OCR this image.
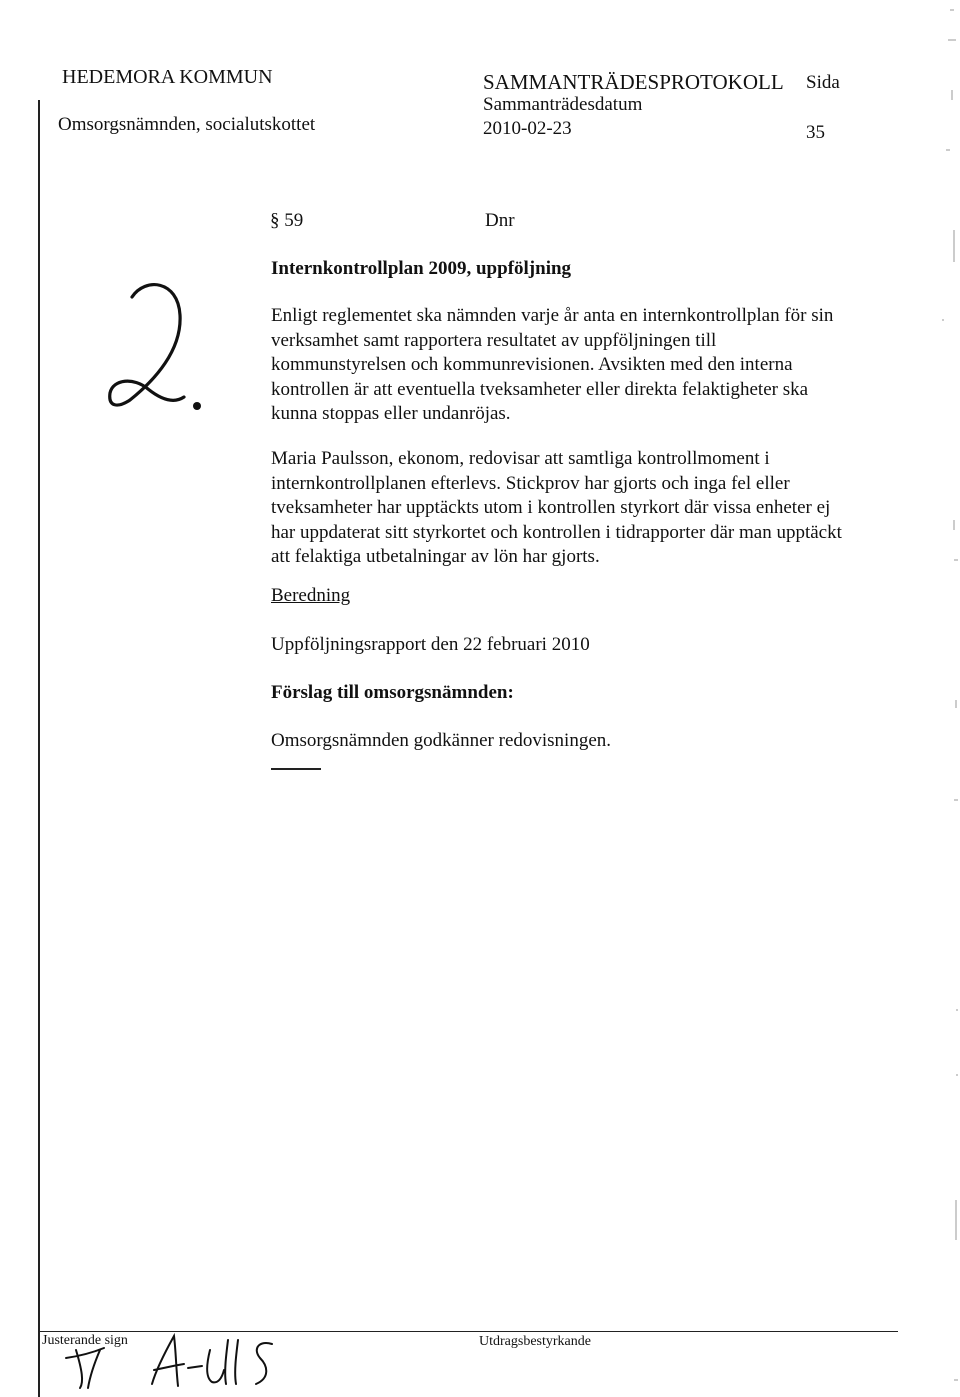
HEDEMORA KOMMUN
Omsorgsnämnden, socialutskottet
SAMMANTRÄDESPROTOKOLL
Sammanträdesdatum
2010-02-23
Sida
35
§ 59	Dnr
Internkontrollplan 2009, uppföljning
Enligt reglementet ska nämnden varje år anta en internkontrollplan för sin
verksamhet samt rapportera resultatet av uppföljningen till
kommunstyrelsen och kommunrevisionen. Avsikten med den interna
kontrollen är att eventuella tveksamheter eller direkta felaktigheter ska
kunna stoppas eller undanröjas.
Maria Paulsson, ekonom, redovisar att samtliga kontrollmoment i
internkontrollplanen efterlevs. Stickprov har gjorts och inga fel eller
tveksamheter har upptäckts utom i kontrollen styrkort där vissa enheter ej
har uppdaterat sitt styrkortet och kontrollen i tidrapporter där man upptäckt
att felaktiga utbetalningar av lön har gjorts.
Beredning
Uppföljningsrapport den 22 februari 2010
Förslag till omsorgsnämnden:
Omsorgsnämnden godkänner redovisningen.
Justerande sign	Utdragsbestyrkande
